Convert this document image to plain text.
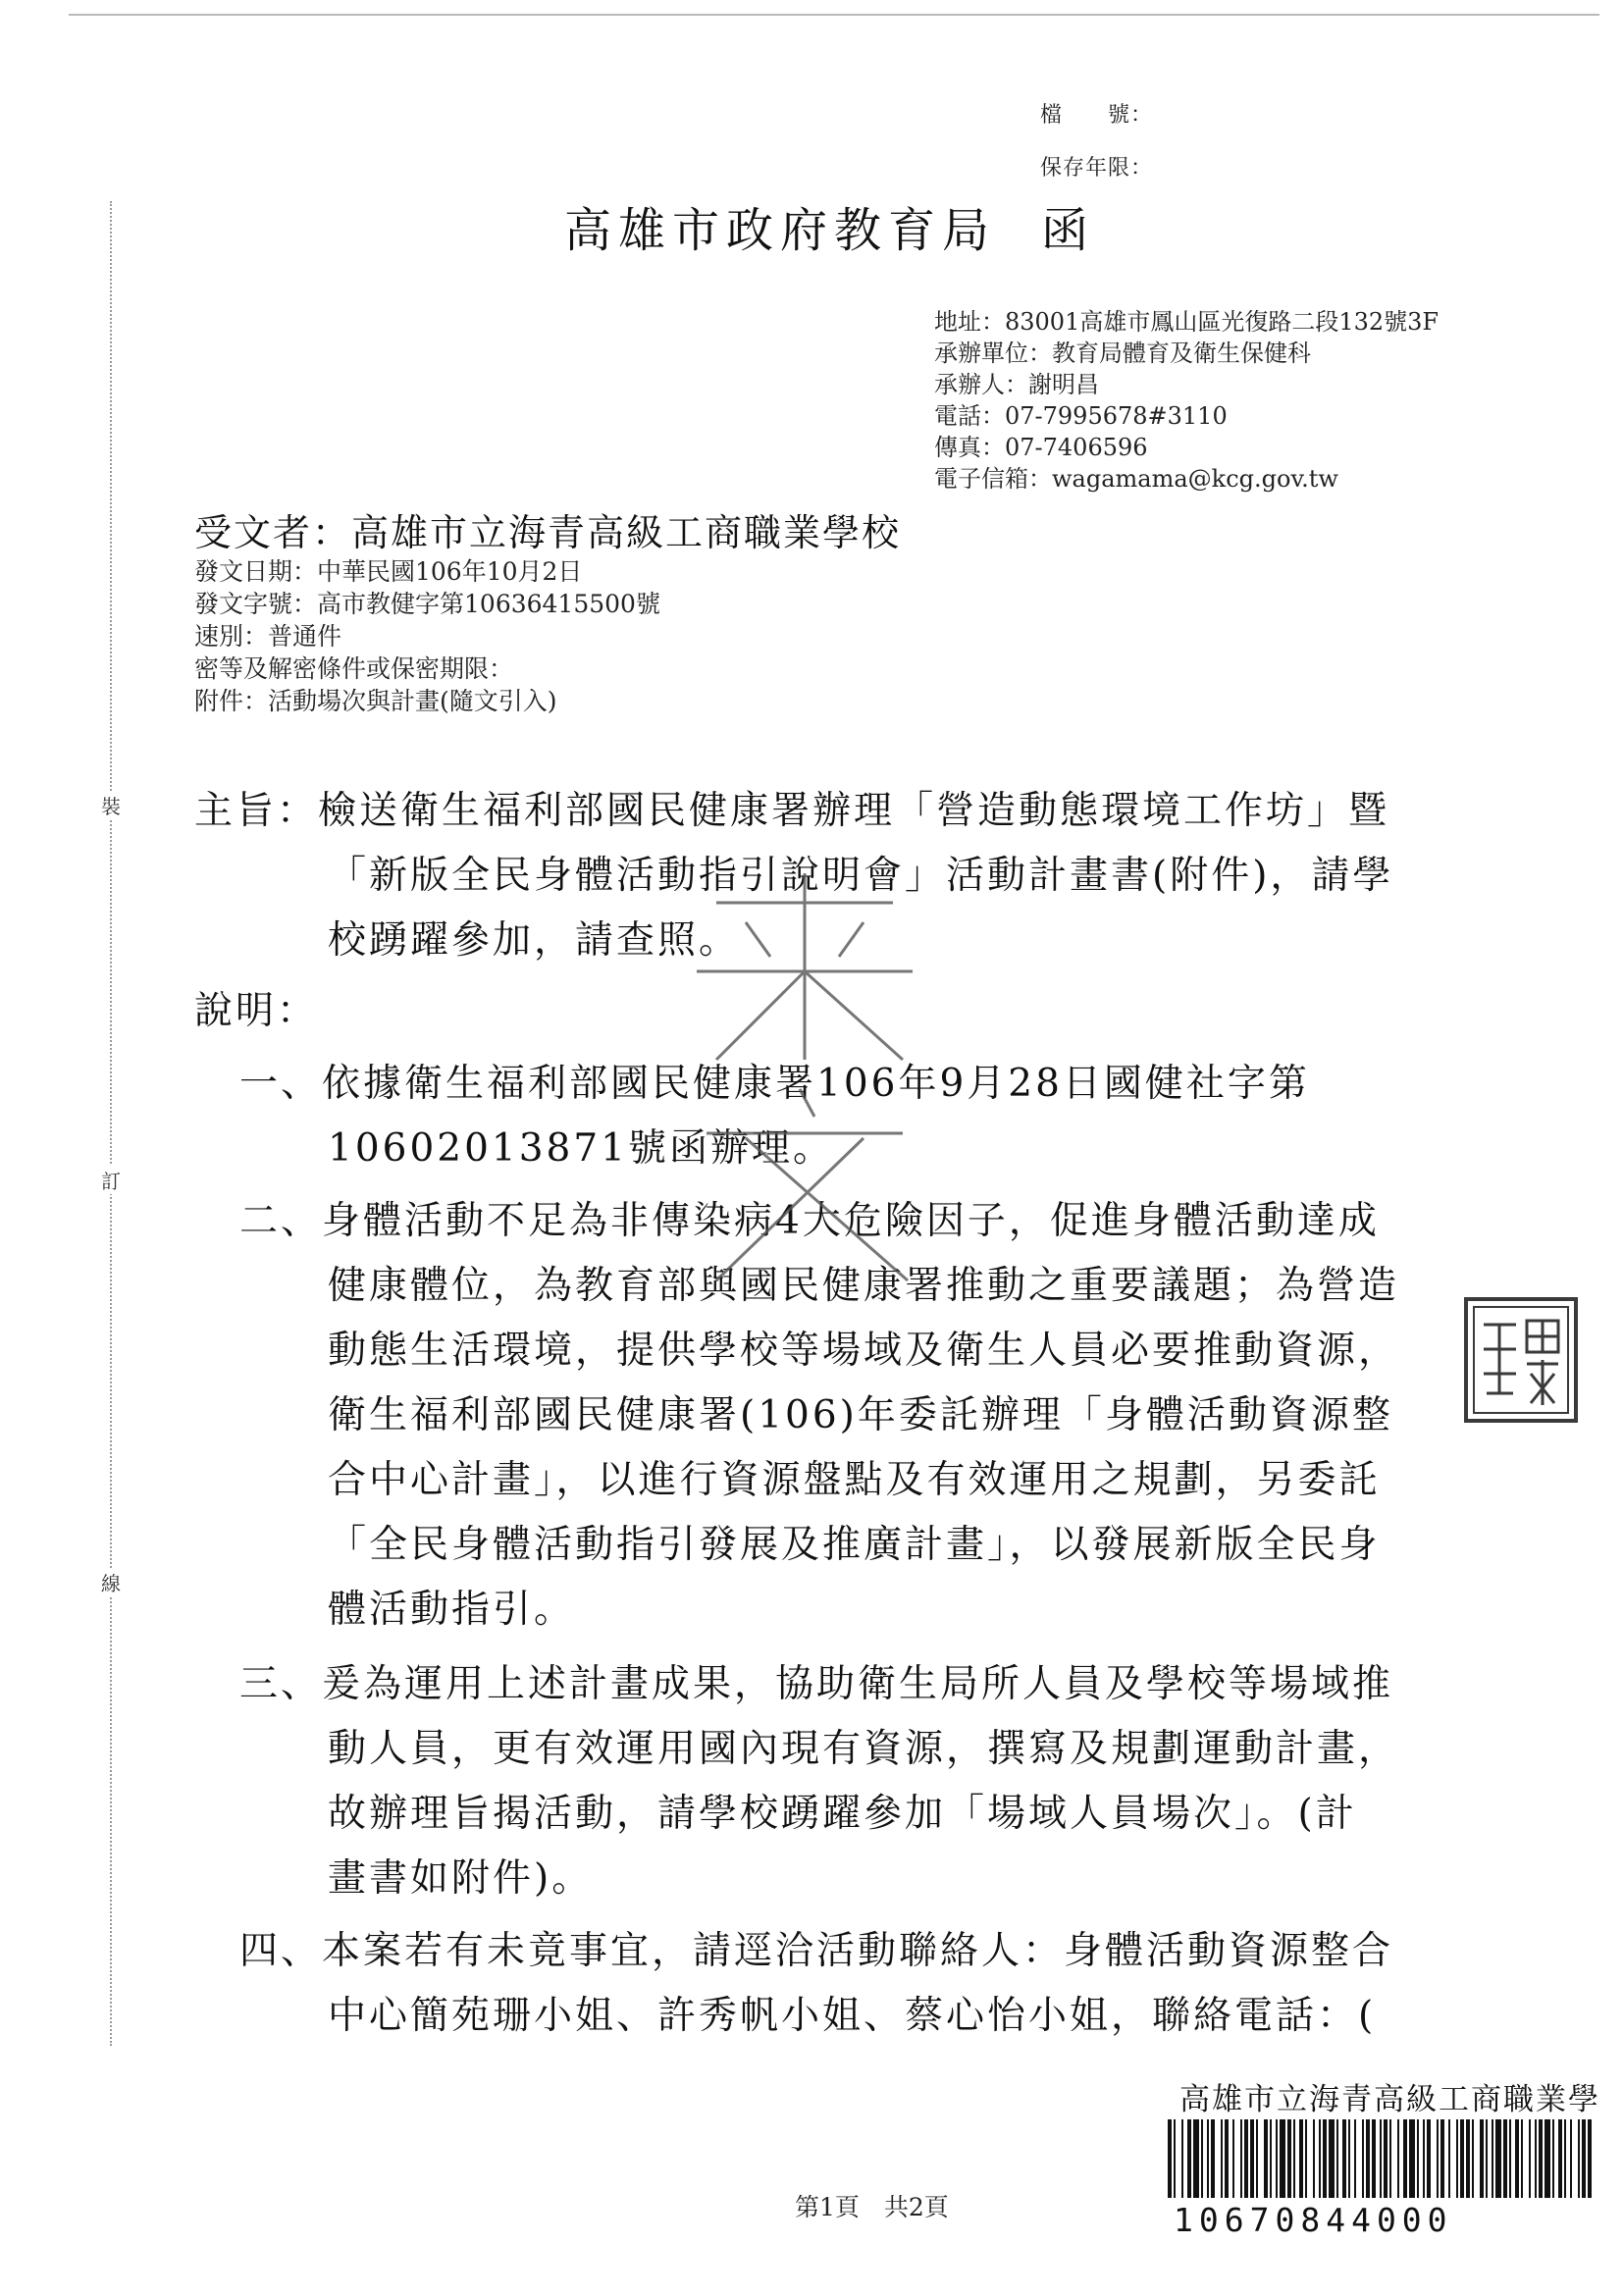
裝
訂
線
檔　　號：
保存年限：
高雄市政府教育局 函
地址：83001高雄市鳳山區光復路二段132號3F
承辦單位：教育局體育及衛生保健科
承辦人：謝明昌
電話：07-7995678#3110
傳真：07-7406596
電子信箱：wagamama@kcg.gov.tw
受文者：高雄市立海青高級工商職業學校
發文日期：中華民國106年10月2日
發文字號：高市教健字第10636415500號
速別：普通件
密等及解密條件或保密期限：
附件：活動場次與計畫(隨文引入)
主旨：檢送衛生福利部國民健康署辦理「營造動態環境工作坊」暨
「新版全民身體活動指引說明會」活動計畫書(附件)，請學
校踴躍參加，請查照。
說明：
一、依據衛生福利部國民健康署106年9月28日國健社字第
10602013871號函辦理。
二、身體活動不足為非傳染病4大危險因子，促進身體活動達成
健康體位，為教育部與國民健康署推動之重要議題；為營造
動態生活環境，提供學校等場域及衛生人員必要推動資源，
衛生福利部國民健康署(106)年委託辦理「身體活動資源整
合中心計畫」，以進行資源盤點及有效運用之規劃，另委託
「全民身體活動指引發展及推廣計畫」，以發展新版全民身
體活動指引。
三、爰為運用上述計畫成果，協助衛生局所人員及學校等場域推
動人員，更有效運用國內現有資源，撰寫及規劃運動計畫，
故辦理旨揭活動，請學校踴躍參加「場域人員場次」。(計
畫書如附件)。
四、本案若有未竟事宜，請逕洽活動聯絡人：身體活動資源整合
中心簡苑珊小姐、許秀帆小姐、蔡心怡小姐，聯絡電話：(
第1頁　共2頁
高雄市立海青高級工商職業學
10670844000
